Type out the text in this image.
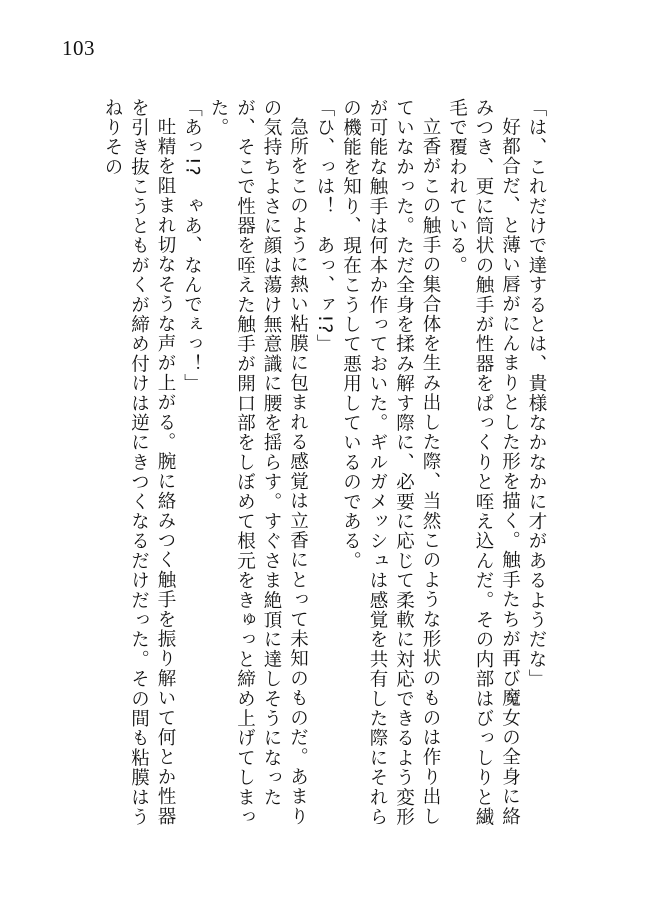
103

「は、これだけで達するとは、貴様なかなかに才があるようだな」

好都合だ、と薄い唇がにんまりとした形を描く。触手たちが再び魔女の全身に絡みつき、更に筒状の触手が性器をぱっくりと咥え込んだ。その内部はびっしりと繊毛で覆われている。

立香がこの触手の集合体を生み出した際、当然このような形状のものは作り出していなかった。ただ全身を揉み解す際に、必要に応じて柔軟に対応できるよう変形が可能な触手は何本か作っておいた。ギルガメッシュは感覚を共有した際にそれらの機能を知り、現在こうして悪用しているのである。

「ひ、っは！　あっ、ァ!?」

急所をこのように熱い粘膜に包まれる感覚は立香にとって未知のものだ。あまりの気持ちよさに顔は蕩け無意識に腰を揺らす。すぐさま絶頂に達しそうになったが、そこで性器を咥えた触手が開口部をしぼめて根元をきゅっと締め上げてしまった。

「あっ!?　ゃあ、なんでぇっ！」

吐精を阻まれ切なそうな声が上がる。腕に絡みつく触手を振り解いて何とか性器を引き抜こうともがくが締め付けは逆にきつくなるだけだった。その間も粘膜はうねりその
